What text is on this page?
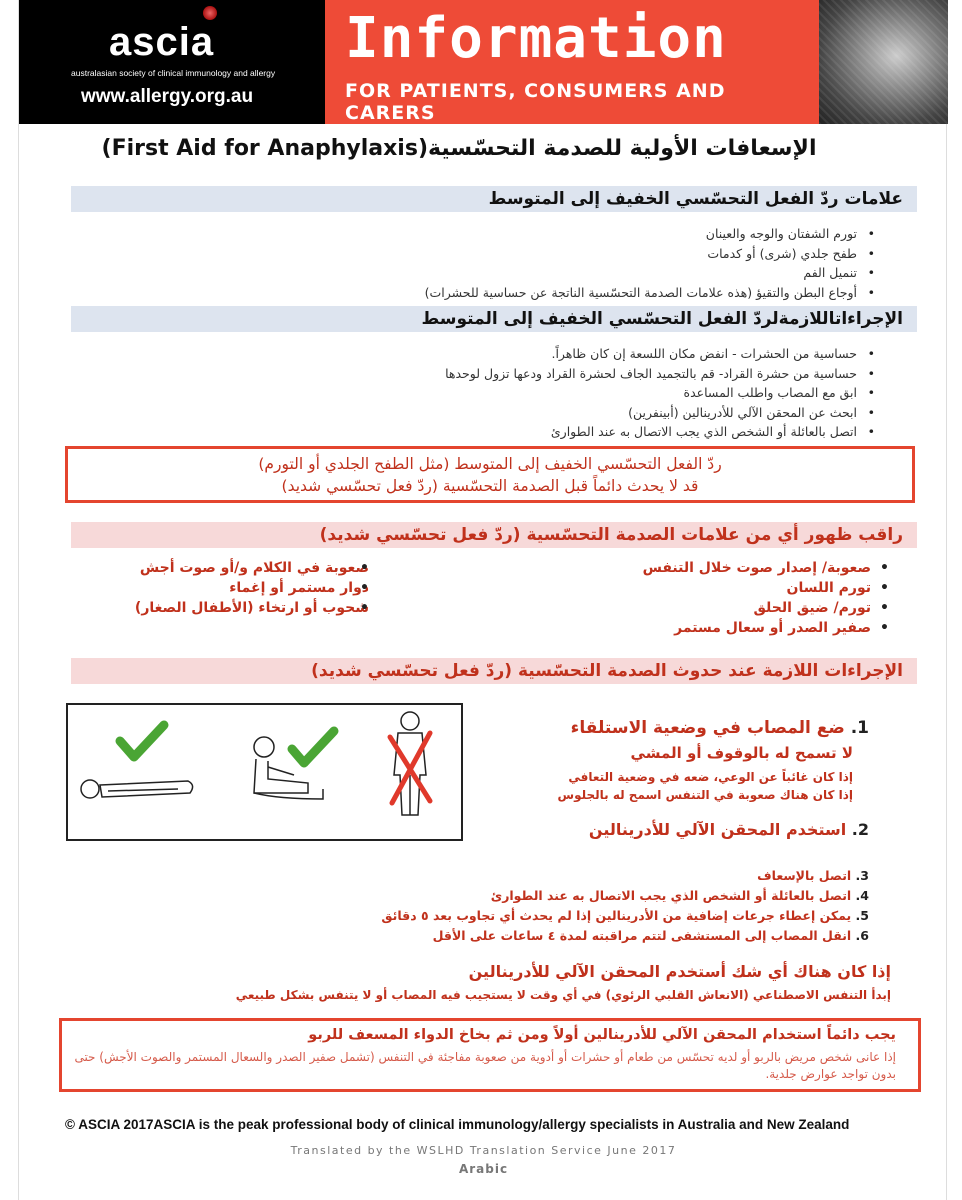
ascia
australasian society of clinical immunology and allergy
www.allergy.org.au
Information
FOR PATIENTS, CONSUMERS AND CARERS
الإسعافات الأولية للصدمة التحسّسية(First Aid for Anaphylaxis)
علامات ردّ الفعل التحسّسي الخفيف إلى المتوسط
• تورم الشفتان والوجه والعينان
• طفح جلدي (شرى) أو كدمات
• تنميل الفم
• أوجاع البطن والتقيؤ (هذه علامات الصدمة التحسّسية الناتجة عن حساسية للحشرات)
الإجراءاتاللازمةلردّ الفعل التحسّسي الخفيف إلى المتوسط
• حساسية من الحشرات - انفض مكان اللسعة إن كان ظاهراً.
• حساسية من حشرة القراد- قم بالتجميد الجاف لحشرة القراد ودعها تزول لوحدها
• ابق مع المصاب واطلب المساعدة
• ابحث عن المحقن الآلي للأدرينالين (أبينفرين)
• اتصل بالعائلة أو الشخص الذي يجب الاتصال به عند الطوارئ
ردّ الفعل التحسّسي الخفيف إلى المتوسط (مثل الطفح الجلدي أو التورم)
قد لا يحدث دائماً قبل الصدمة التحسّسية (ردّ فعل تحسّسي شديد)
راقب ظهور أي من علامات الصدمة التحسّسية (ردّ فعل تحسّسي شديد)
• صعوبة/ إصدار صوت خلال التنفس
• تورم اللسان
• تورم/ ضيق الحلق
• صفير الصدر أو سعال مستمر
• صعوبة في الكلام و/أو صوت أجش
• دوار مستمر أو إغماء
• شحوب أو ارتخاء (الأطفال الصغار)
الإجراءات اللازمة عند حدوث الصدمة التحسّسية (ردّ فعل تحسّسي شديد)
1. ضع المصاب في وضعية الاستلقاء
لا تسمح له بالوقوف أو المشي
إذا كان غائباً عن الوعي، ضعه في وضعية التعافي
إذا كان هناك صعوبة في التنفس اسمح له بالجلوس
2. استخدم المحقن الآلي للأدرينالين
3. اتصل بالإسعاف
4. اتصل بالعائلة أو الشخص الذي يجب الاتصال به عند الطوارئ
5. يمكن إعطاء جرعات إضافية من الأدرينالين إذا لم يحدث أي تجاوب بعد ٥ دقائق
6. انقل المصاب إلى المستشفى لتتم مراقبته لمدة ٤ ساعات على الأقل
إذا كان هناك أي شك أستخدم المحقن الآلي للأدرينالين
إبدأ التنفس الاصطناعي (الانعاش القلبي الرئوي) في أي وقت لا يستجيب فيه المصاب أو لا يتنفس بشكل طبيعي
يجب دائماً استخدام المحقن الآلي للأدرينالين أولاً ومن ثم بخاخ الدواء المسعف للربو
إذا عانى شخص مريض بالربو أو لديه تحسّس من طعام أو حشرات أو أدوية من صعوبة مفاجئة في التنفس (تشمل صفير الصدر والسعال المستمر والصوت الأجش) حتى بدون تواجد عوارض جلدية.
© ASCIA 2017ASCIA is the peak professional body of clinical immunology/allergy specialists in Australia and New Zealand
Translated by the WSLHD Translation Service June 2017
Arabic
